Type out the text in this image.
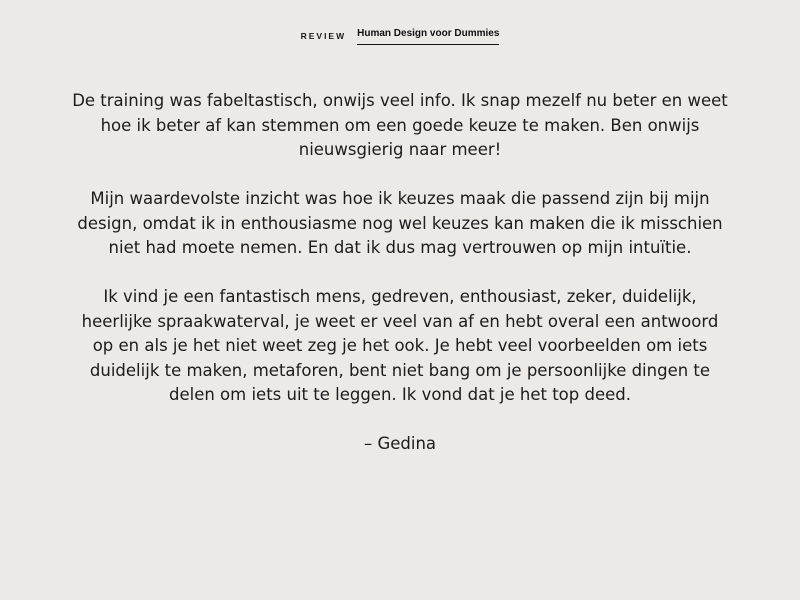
REVIEW Human Design voor Dummies

De training was fabeltastisch, onwijs veel info. Ik snap mezelf nu beter en weet hoe ik beter af kan stemmen om een goede keuze te maken. Ben onwijs nieuwsgierig naar meer!

Mijn waardevolste inzicht was hoe ik keuzes maak die passend zijn bij mijn design, omdat ik in enthousiasme nog wel keuzes kan maken die ik misschien niet had moete nemen. En dat ik dus mag vertrouwen op mijn intuïtie.

Ik vind je een fantastisch mens, gedreven, enthousiast, zeker, duidelijk, heerlijke spraakwaterval, je weet er veel van af en hebt overal een antwoord op en als je het niet weet zeg je het ook. Je hebt veel voorbeelden om iets duidelijk te maken, metaforen, bent niet bang om je persoonlijke dingen te delen om iets uit te leggen. Ik vond dat je het top deed.

– Gedina
